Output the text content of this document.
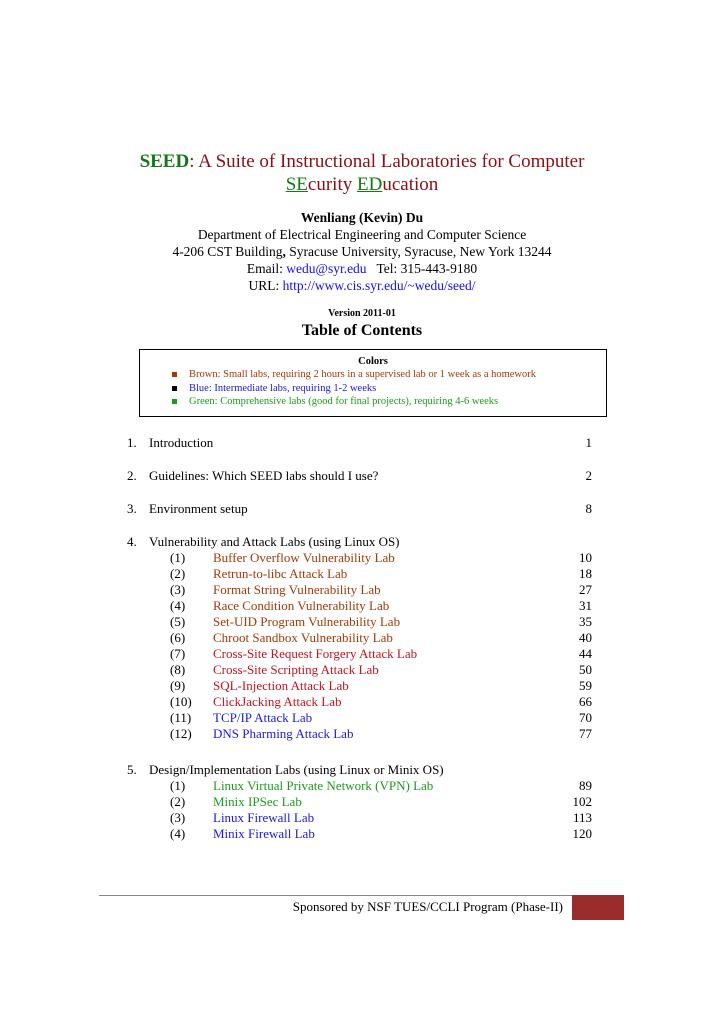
SEED: A Suite of Instructional Laboratories for Computer
SEcurity EDucation
Wenliang (Kevin) Du
Department of Electrical Engineering and Computer Science
4-206 CST Building, Syracuse University, Syracuse, New York 13244
Email: wedu@syr.edu   Tel: 315-443-9180
URL: http://www.cis.syr.edu/~wedu/seed/
Version 2011-01
Table of Contents
Colors
Brown: Small labs, requiring 2 hours in a supervised lab or 1 week as a homework
Blue: Intermediate labs, requiring 1-2 weeks
Green: Comprehensive labs (good for final projects), requiring 4-6 weeks
1. Introduction	1
2. Guidelines: Which SEED labs should I use?	2
3. Environment setup	8
4. Vulnerability and Attack Labs (using Linux OS)
(1) Buffer Overflow Vulnerability Lab	10
(2) Retrun-to-libc Attack Lab	18
(3) Format String Vulnerability Lab	27
(4) Race Condition Vulnerability Lab	31
(5) Set-UID Program Vulnerability Lab	35
(6) Chroot Sandbox Vulnerability Lab	40
(7) Cross-Site Request Forgery Attack Lab	44
(8) Cross-Site Scripting Attack Lab	50
(9) SQL-Injection Attack Lab	59
(10) ClickJacking Attack Lab	66
(11) TCP/IP Attack Lab	70
(12) DNS Pharming Attack Lab	77
5. Design/Implementation Labs (using Linux or Minix OS)
(1) Linux Virtual Private Network (VPN) Lab	89
(2) Minix IPSec Lab	102
(3) Linux Firewall Lab	113
(4) Minix Firewall Lab	120
Sponsored by NSF TUES/CCLI Program (Phase-II)
